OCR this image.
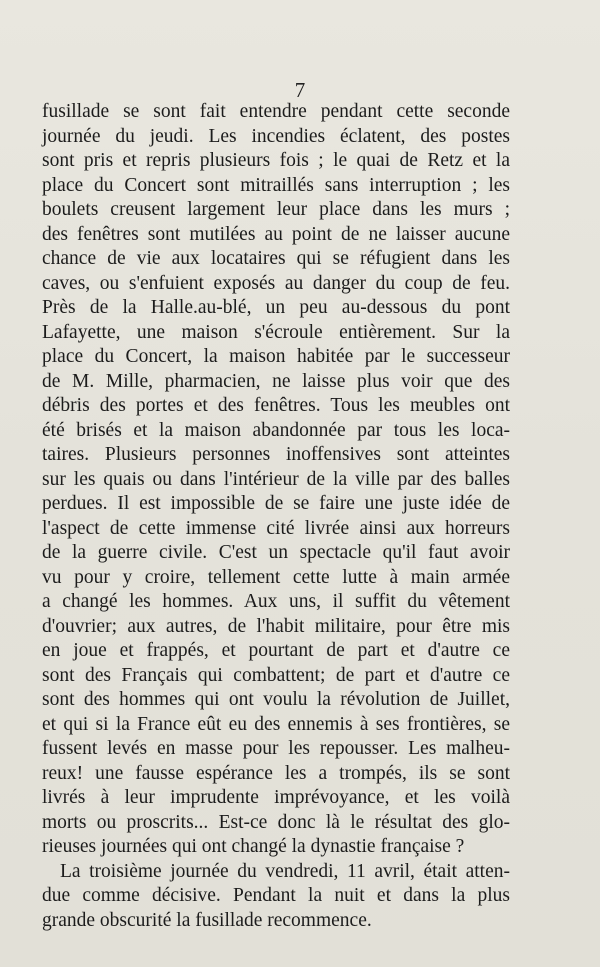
7
fusillade se sont fait entendre pendant cette seconde
journée du jeudi. Les incendies éclatent, des postes
sont pris et repris plusieurs fois ; le quai de Retz et la
place du Concert sont mitraillés sans interruption ; les
boulets creusent largement leur place dans les murs ;
des fenêtres sont mutilées au point de ne laisser aucune
chance de vie aux locataires qui se réfugient dans les
caves, ou s'enfuient exposés au danger du coup de feu.
Près de la Halle.au-blé, un peu au-dessous du pont
Lafayette, une maison s'écroule entièrement. Sur la
place du Concert, la maison habitée par le successeur
de M. Mille, pharmacien, ne laisse plus voir que des
débris des portes et des fenêtres. Tous les meubles ont
été brisés et la maison abandonnée par tous les loca-
taires. Plusieurs personnes inoffensives sont atteintes
sur les quais ou dans l'intérieur de la ville par des balles
perdues. Il est impossible de se faire une juste idée de
l'aspect de cette immense cité livrée ainsi aux horreurs
de la guerre civile. C'est un spectacle qu'il faut avoir
vu pour y croire, tellement cette lutte à main armée
a changé les hommes. Aux uns, il suffit du vêtement
d'ouvrier; aux autres, de l'habit militaire, pour être mis
en joue et frappés, et pourtant de part et d'autre ce
sont des Français qui combattent; de part et d'autre ce
sont des hommes qui ont voulu la révolution de Juillet,
et qui si la France eût eu des ennemis à ses frontières, se
fussent levés en masse pour les repousser. Les malheu-
reux! une fausse espérance les a trompés, ils se sont
livrés à leur imprudente imprévoyance, et les voilà
morts ou proscrits... Est-ce donc là le résultat des glo-
rieuses journées qui ont changé la dynastie française ?
La troisième journée du vendredi, 11 avril, était atten-
due comme décisive. Pendant la nuit et dans la plus
grande obscurité la fusillade recommence.
